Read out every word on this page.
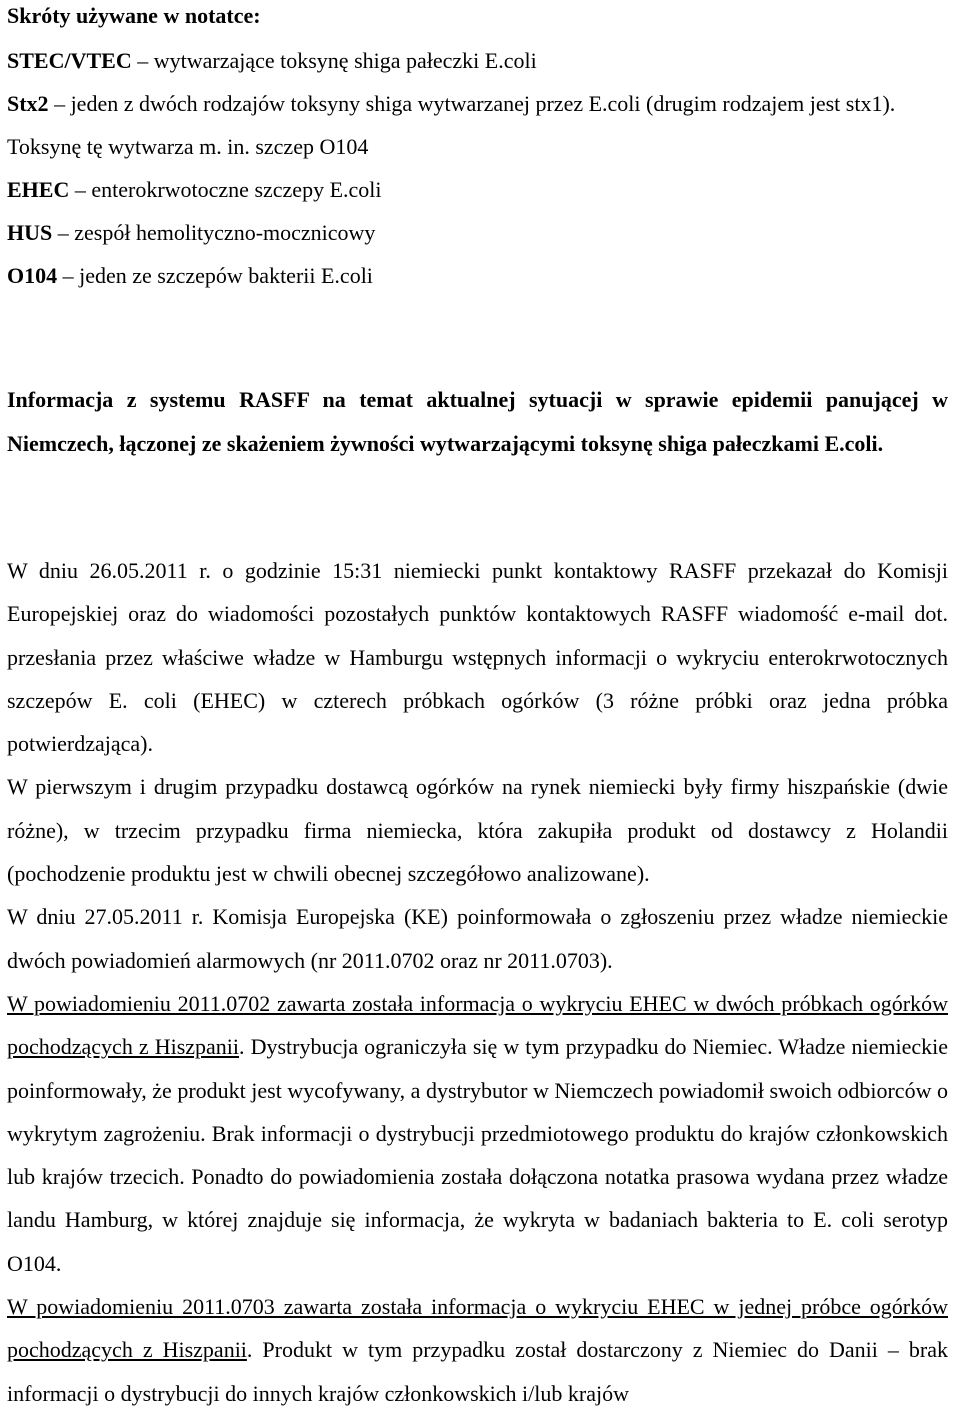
Skróty używane w notatce:
STEC/VTEC – wytwarzające toksynę shiga pałeczki E.coli
Stx2 – jeden z dwóch rodzajów toksyny shiga wytwarzanej przez E.coli (drugim rodzajem jest stx1). Toksynę tę wytwarza m. in. szczep O104
EHEC – enterokrwotoczne szczepy E.coli
HUS – zespół hemolityczno-mocznicowy
O104 – jeden ze szczepów bakterii E.coli
Informacja z systemu RASFF na temat aktualnej sytuacji w sprawie epidemii panującej w Niemczech, łączonej ze skażeniem żywności wytwarzającymi toksynę shiga pałeczkami E.coli.

W dniu 26.05.2011 r. o godzinie 15:31 niemiecki punkt kontaktowy RASFF przekazał do Komisji Europejskiej oraz do wiadomości pozostałych punktów kontaktowych RASFF wiadomość e-mail dot. przesłania przez właściwe władze w Hamburgu wstępnych informacji o wykryciu enterokrwotocznych szczepów E. coli (EHEC) w czterech próbkach ogórków (3 różne próbki oraz jedna próbka potwierdzająca).

W pierwszym i drugim przypadku dostawcą ogórków na rynek niemiecki były firmy hiszpańskie (dwie różne), w trzecim przypadku firma niemiecka, która zakupiła produkt od dostawcy z Holandii (pochodzenie produktu jest w chwili obecnej szczegółowo analizowane).

W dniu 27.05.2011 r. Komisja Europejska (KE) poinformowała o zgłoszeniu przez władze niemieckie dwóch powiadomień alarmowych (nr 2011.0702 oraz nr 2011.0703).

W powiadomieniu 2011.0702 zawarta została informacja o wykryciu EHEC w dwóch próbkach ogórków pochodzących z Hiszpanii. Dystrybucja ograniczyła się w tym przypadku do Niemiec. Władze niemieckie poinformowały, że produkt jest wycofywany, a dystrybutor w Niemczech powiadomił swoich odbiorców o wykrytym zagrożeniu. Brak informacji o dystrybucji przedmiotowego produktu do krajów członkowskich lub krajów trzecich. Ponadto do powiadomienia została dołączona notatka prasowa wydana przez władze landu Hamburg, w której znajduje się informacja, że wykryta w badaniach bakteria to E. coli serotyp O104.

W powiadomieniu 2011.0703 zawarta została informacja o wykryciu EHEC w jednej próbce ogórków pochodzących z Hiszpanii. Produkt w tym przypadku został dostarczony z Niemiec do Danii – brak informacji o dystrybucji do innych krajów członkowskich i/lub krajów
